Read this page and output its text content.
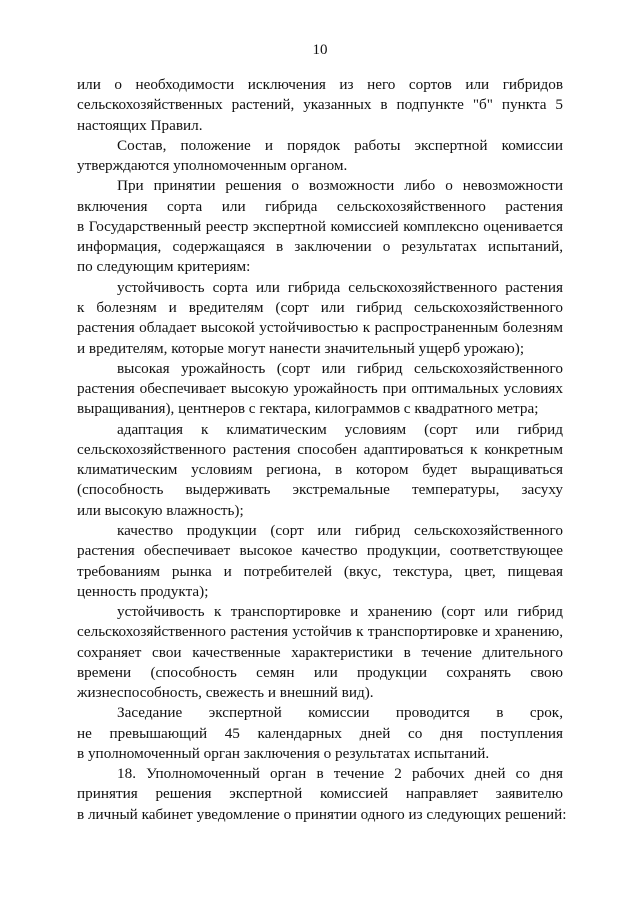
10
или о необходимости исключения из него сортов или гибридов
сельскохозяйственных растений, указанных в подпункте "б" пункта 5
настоящих Правил.
Состав, положение и порядок работы экспертной комиссии
утверждаются уполномоченным органом.
При принятии решения о возможности либо о невозможности
включения сорта или гибрида сельскохозяйственного растения
в Государственный реестр экспертной комиссией комплексно оценивается
информация, содержащаяся в заключении о результатах испытаний,
по следующим критериям:
устойчивость сорта или гибрида сельскохозяйственного растения
к болезням и вредителям (сорт или гибрид сельскохозяйственного
растения обладает высокой устойчивостью к распространенным болезням
и вредителям, которые могут нанести значительный ущерб урожаю);
высокая урожайность (сорт или гибрид сельскохозяйственного
растения обеспечивает высокую урожайность при оптимальных условиях
выращивания), центнеров с гектара, килограммов с квадратного метра;
адаптация к климатическим условиям (сорт или гибрид
сельскохозяйственного растения способен адаптироваться к конкретным
климатическим условиям региона, в котором будет выращиваться
(способность выдерживать экстремальные температуры, засуху
или высокую влажность);
качество продукции (сорт или гибрид сельскохозяйственного
растения обеспечивает высокое качество продукции, соответствующее
требованиям рынка и потребителей (вкус, текстура, цвет, пищевая
ценность продукта);
устойчивость к транспортировке и хранению (сорт или гибрид
сельскохозяйственного растения устойчив к транспортировке и хранению,
сохраняет свои качественные характеристики в течение длительного
времени (способность семян или продукции сохранять свою
жизнеспособность, свежесть и внешний вид).
Заседание экспертной комиссии проводится в срок,
не превышающий 45 календарных дней со дня поступления
в уполномоченный орган заключения о результатах испытаний.
18. Уполномоченный орган в течение 2 рабочих дней со дня
принятия решения экспертной комиссией направляет заявителю
в личный кабинет уведомление о принятии одного из следующих решений:
